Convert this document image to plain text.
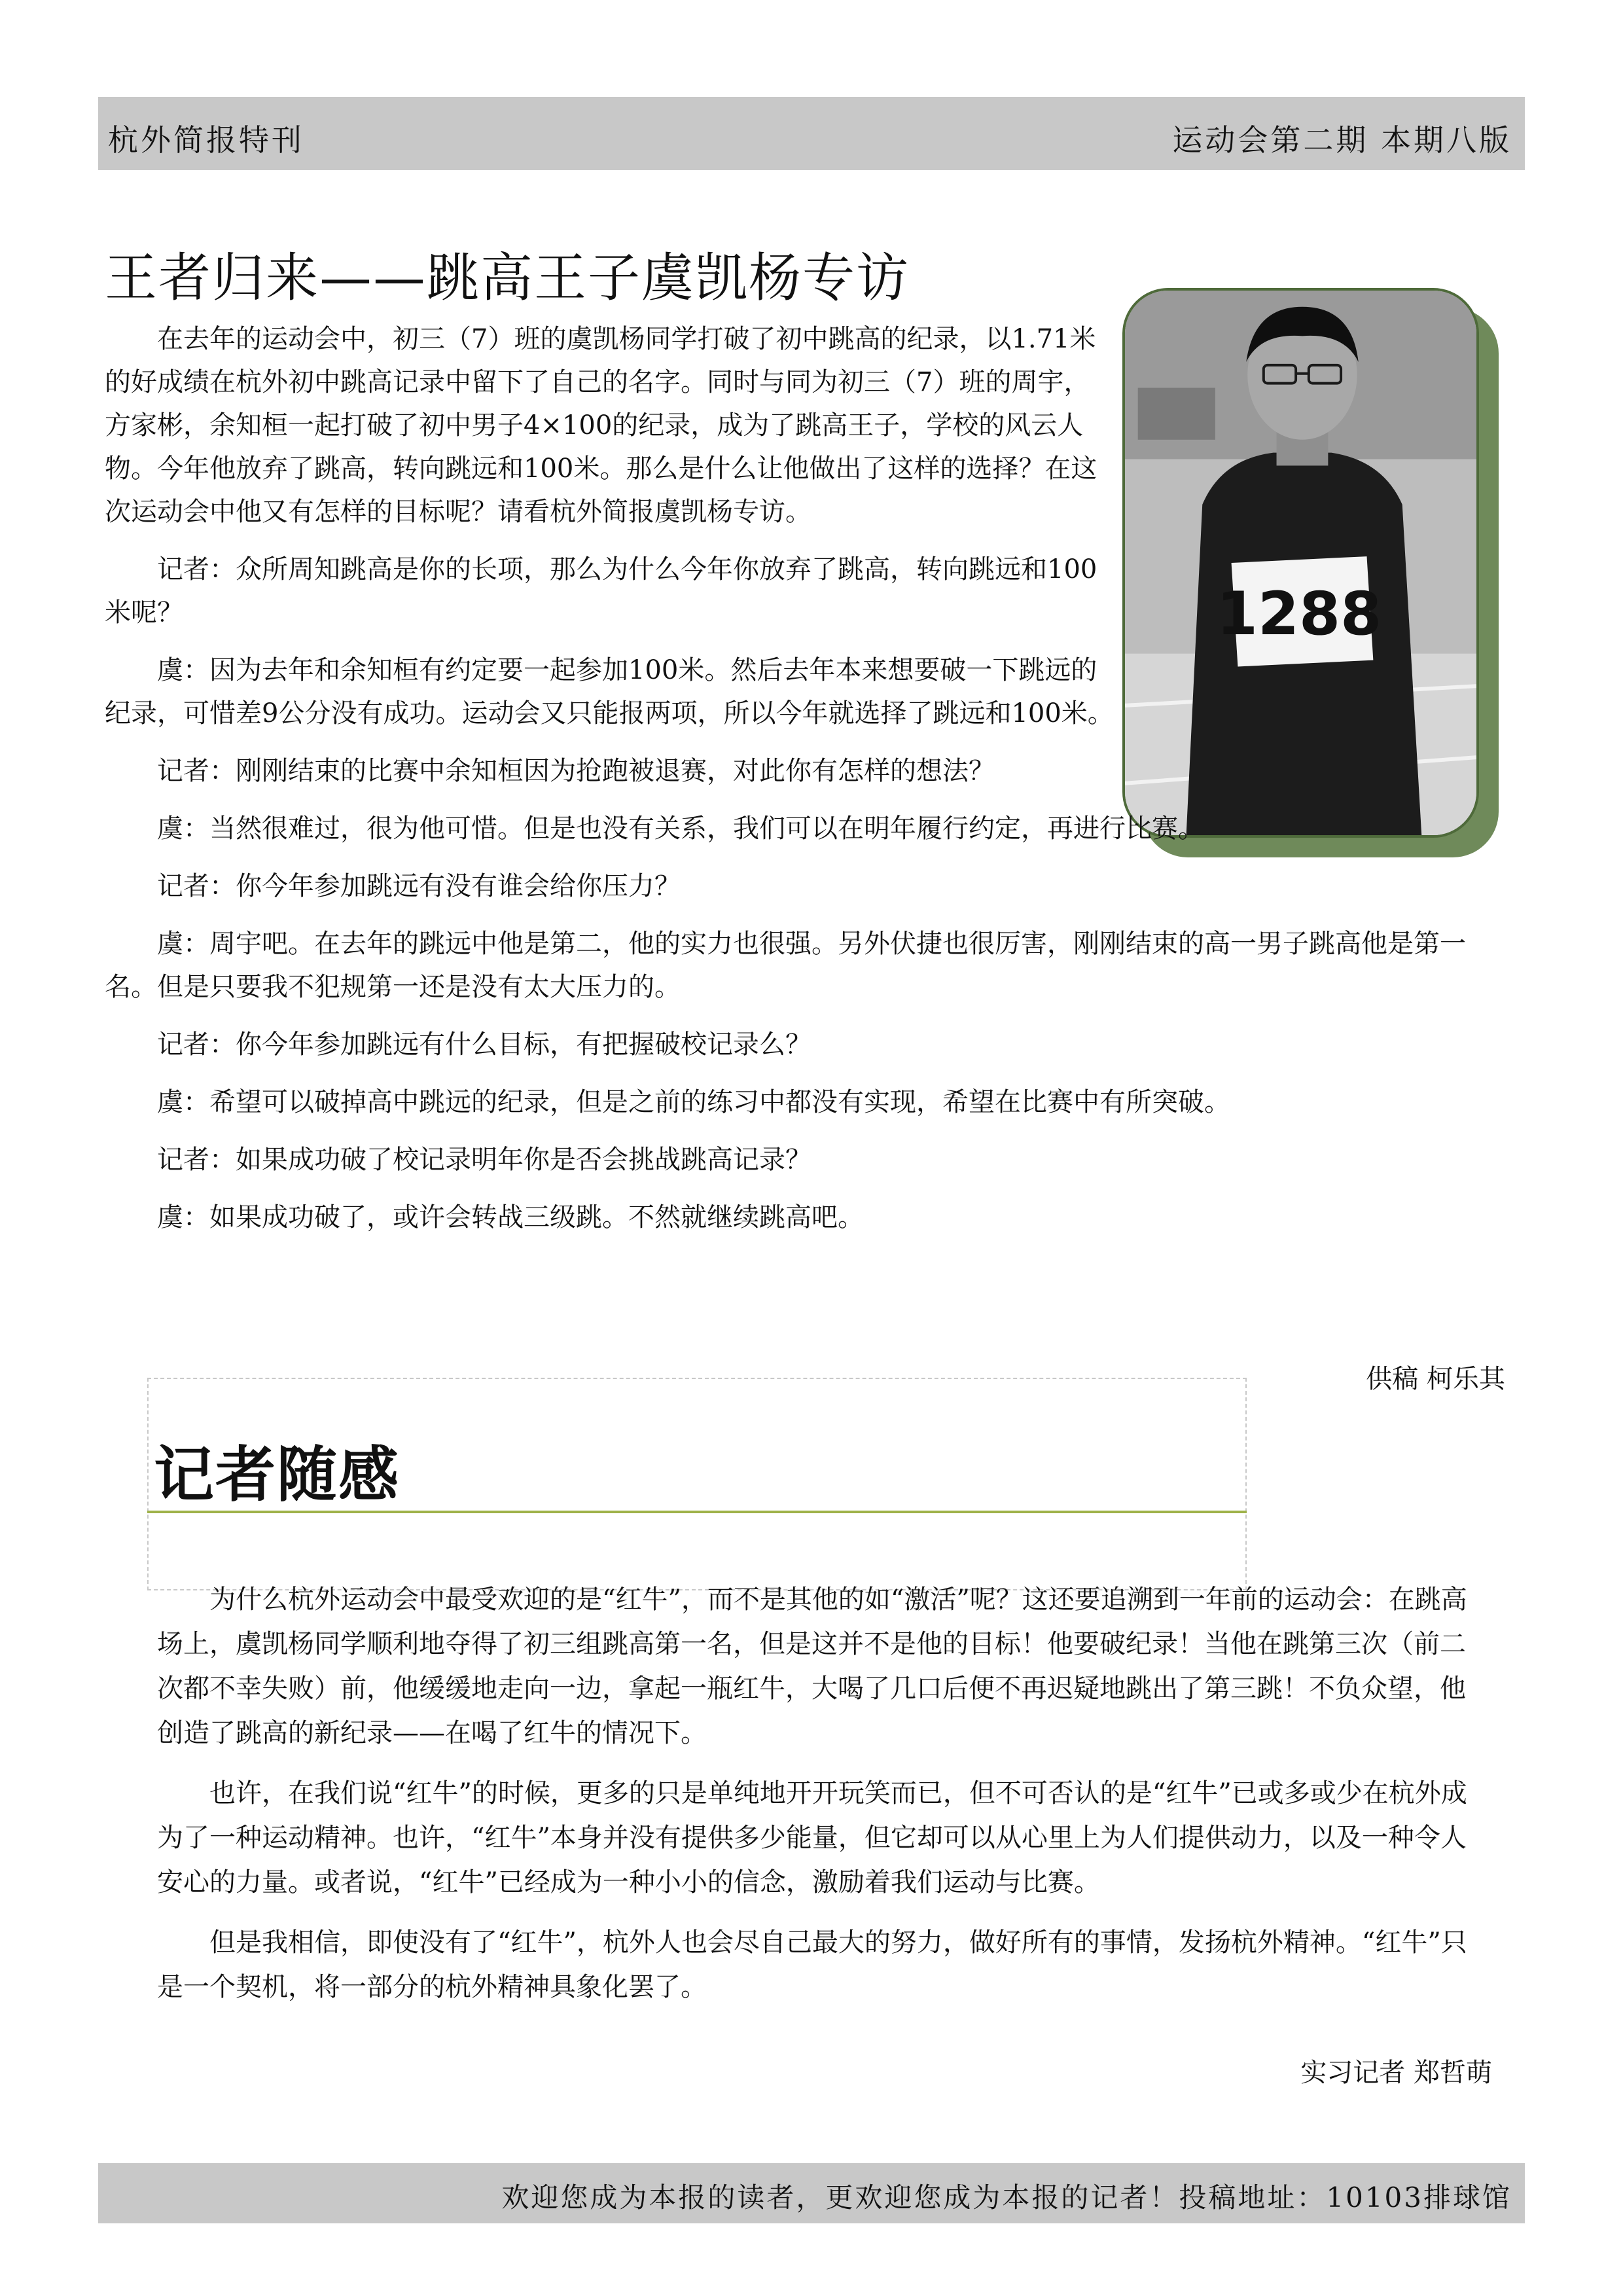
杭外简报特刊	运动会第二期 本期八版
王者归来——跳高王子虞凯杨专访
1288

在去年的运动会中，初三（7）班的虞凯杨同学打破了初中跳高的纪录，以1.71米的好成绩在杭外初中跳高记录中留下了自己的名字。同时与同为初三（7）班的周宇，方家彬，余知桓一起打破了初中男子4×100的纪录，成为了跳高王子，学校的风云人物。今年他放弃了跳高，转向跳远和100米。那么是什么让他做出了这样的选择？在这次运动会中他又有怎样的目标呢？请看杭外简报虞凯杨专访。

记者：众所周知跳高是你的长项，那么为什么今年你放弃了跳高，转向跳远和100米呢？

虞：因为去年和余知桓有约定要一起参加100米。然后去年本来想要破一下跳远的纪录，可惜差9公分没有成功。运动会又只能报两项，所以今年就选择了跳远和100米。

记者：刚刚结束的比赛中余知桓因为抢跑被退赛，对此你有怎样的想法？

虞：当然很难过，很为他可惜。但是也没有关系，我们可以在明年履行约定，再进行比赛。

记者：你今年参加跳远有没有谁会给你压力？

虞：周宇吧。在去年的跳远中他是第二，他的实力也很强。另外伏捷也很厉害，刚刚结束的高一男子跳高他是第一名。但是只要我不犯规第一还是没有太大压力的。

记者：你今年参加跳远有什么目标，有把握破校记录么？

虞：希望可以破掉高中跳远的纪录，但是之前的练习中都没有实现，希望在比赛中有所突破。

记者：如果成功破了校记录明年你是否会挑战跳高记录？

虞：如果成功破了，或许会转战三级跳。不然就继续跳高吧。

供稿 柯乐其
记者随感

为什么杭外运动会中最受欢迎的是“红牛”，而不是其他的如“激活”呢？这还要追溯到一年前的运动会：在跳高场上，虞凯杨同学顺利地夺得了初三组跳高第一名，但是这并不是他的目标！他要破纪录！当他在跳第三次（前二次都不幸失败）前，他缓缓地走向一边，拿起一瓶红牛，大喝了几口后便不再迟疑地跳出了第三跳！不负众望，他创造了跳高的新纪录——在喝了红牛的情况下。

也许，在我们说“红牛”的时候，更多的只是单纯地开开玩笑而已，但不可否认的是“红牛”已或多或少在杭外成为了一种运动精神。也许，“红牛”本身并没有提供多少能量，但它却可以从心里上为人们提供动力，以及一种令人安心的力量。或者说，“红牛”已经成为一种小小的信念，激励着我们运动与比赛。

但是我相信，即使没有了“红牛”，杭外人也会尽自己最大的努力，做好所有的事情，发扬杭外精神。“红牛”只是一个契机，将一部分的杭外精神具象化罢了。

实习记者 郑哲萌
欢迎您成为本报的读者，更欢迎您成为本报的记者！投稿地址：10103排球馆
